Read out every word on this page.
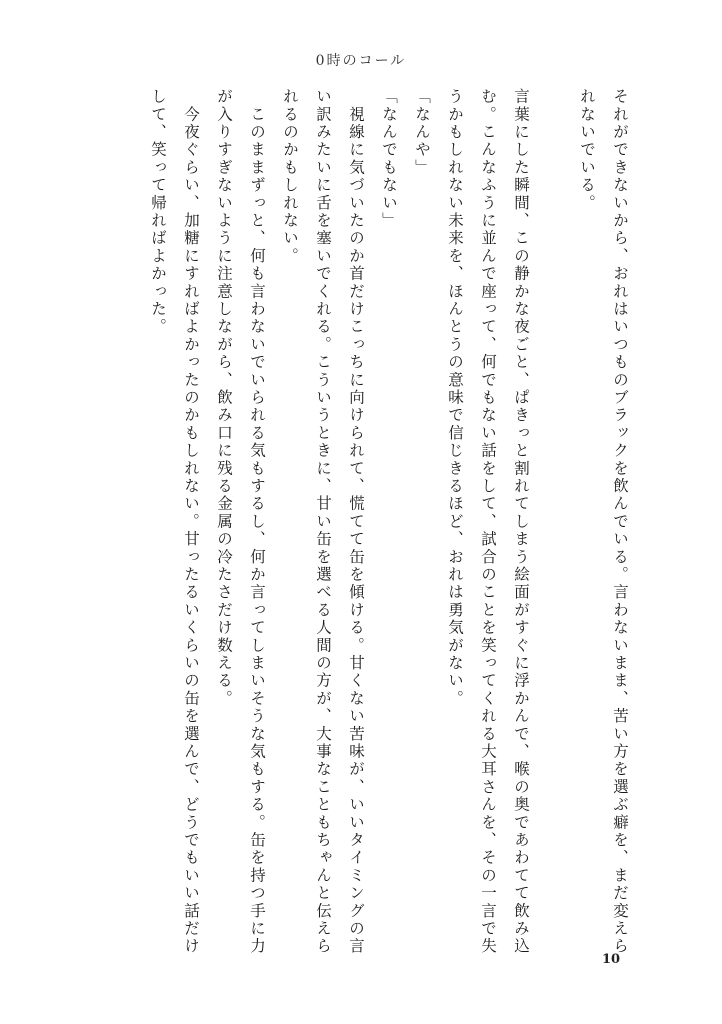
0時のコール

それができないから、おれはいつものブラックを飲んでいる。言わないまま、苦い方を選ぶ癖を、まだ変えられないでいる。

言葉にした瞬間、この静かな夜ごと、ぱきっと割れてしまう絵面がすぐに浮かんで、喉の奥であわてて飲み込む。こんなふうに並んで座って、何でもない話をして、試合のことを笑ってくれる大耳さんを、その一言で失うかもしれない未来を、ほんとうの意味で信じきるほど、おれは勇気がない。

「なんや」

「なんでもない」

　視線に気づいたのか首だけこっちに向けられて、慌てて缶を傾ける。甘くない苦味が、いいタイミングの言い訳みたいに舌を塞いでくれる。こういうときに、甘い缶を選べる人間の方が、大事なこともちゃんと伝えられるのかもしれない。

　このままずっと、何も言わないでいられる気もするし、何か言ってしまいそうな気もする。缶を持つ手に力が入りすぎないように注意しながら、飲み口に残る金属の冷たさだけ数える。

　今夜ぐらい、加糖にすればよかったのかもしれない。甘ったるいくらいの缶を選んで、どうでもいい話だけして、笑って帰ればよかった。

10
